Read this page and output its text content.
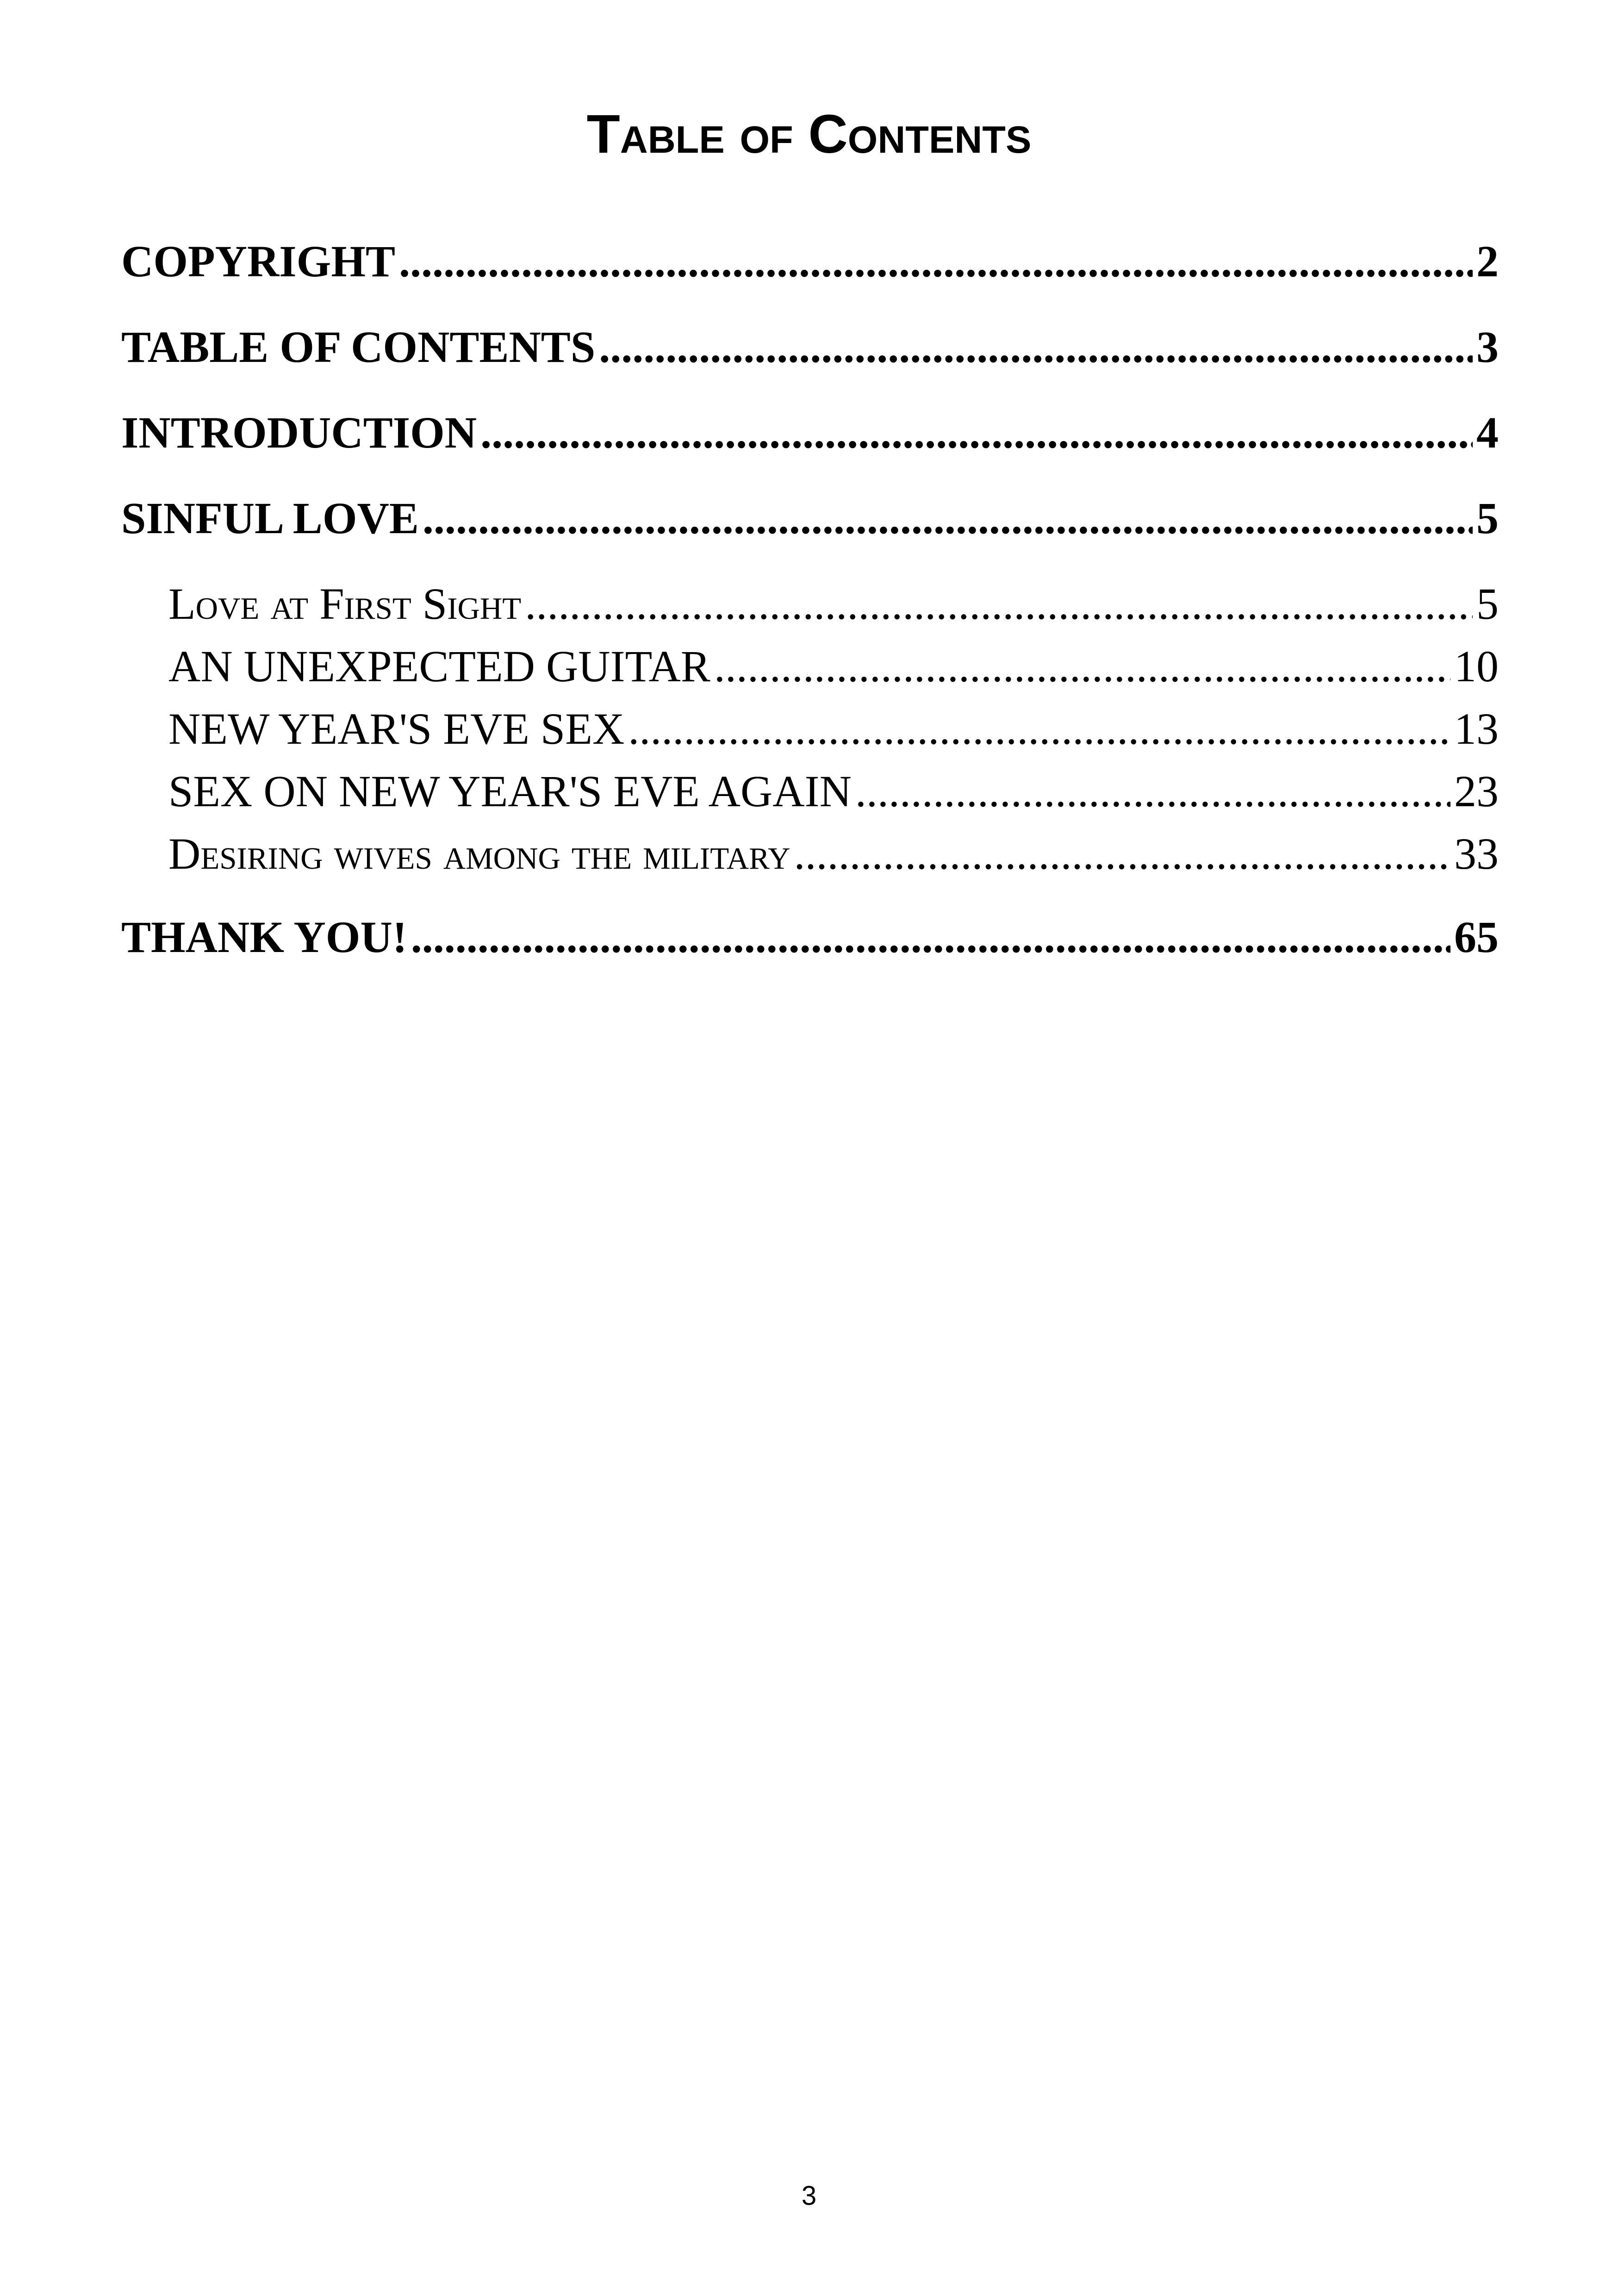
Table of Contents
COPYRIGHT .....	2
TABLE OF CONTENTS .....	3
INTRODUCTION .....	4
SINFUL LOVE .....	5
Love at First Sight .....	5
AN UNEXPECTED GUITAR .....	10
NEW YEAR'S EVE SEX .....	13
SEX ON NEW YEAR'S EVE AGAIN .....	23
Desiring wives among the military .....	33
THANK YOU! .....	65
3
